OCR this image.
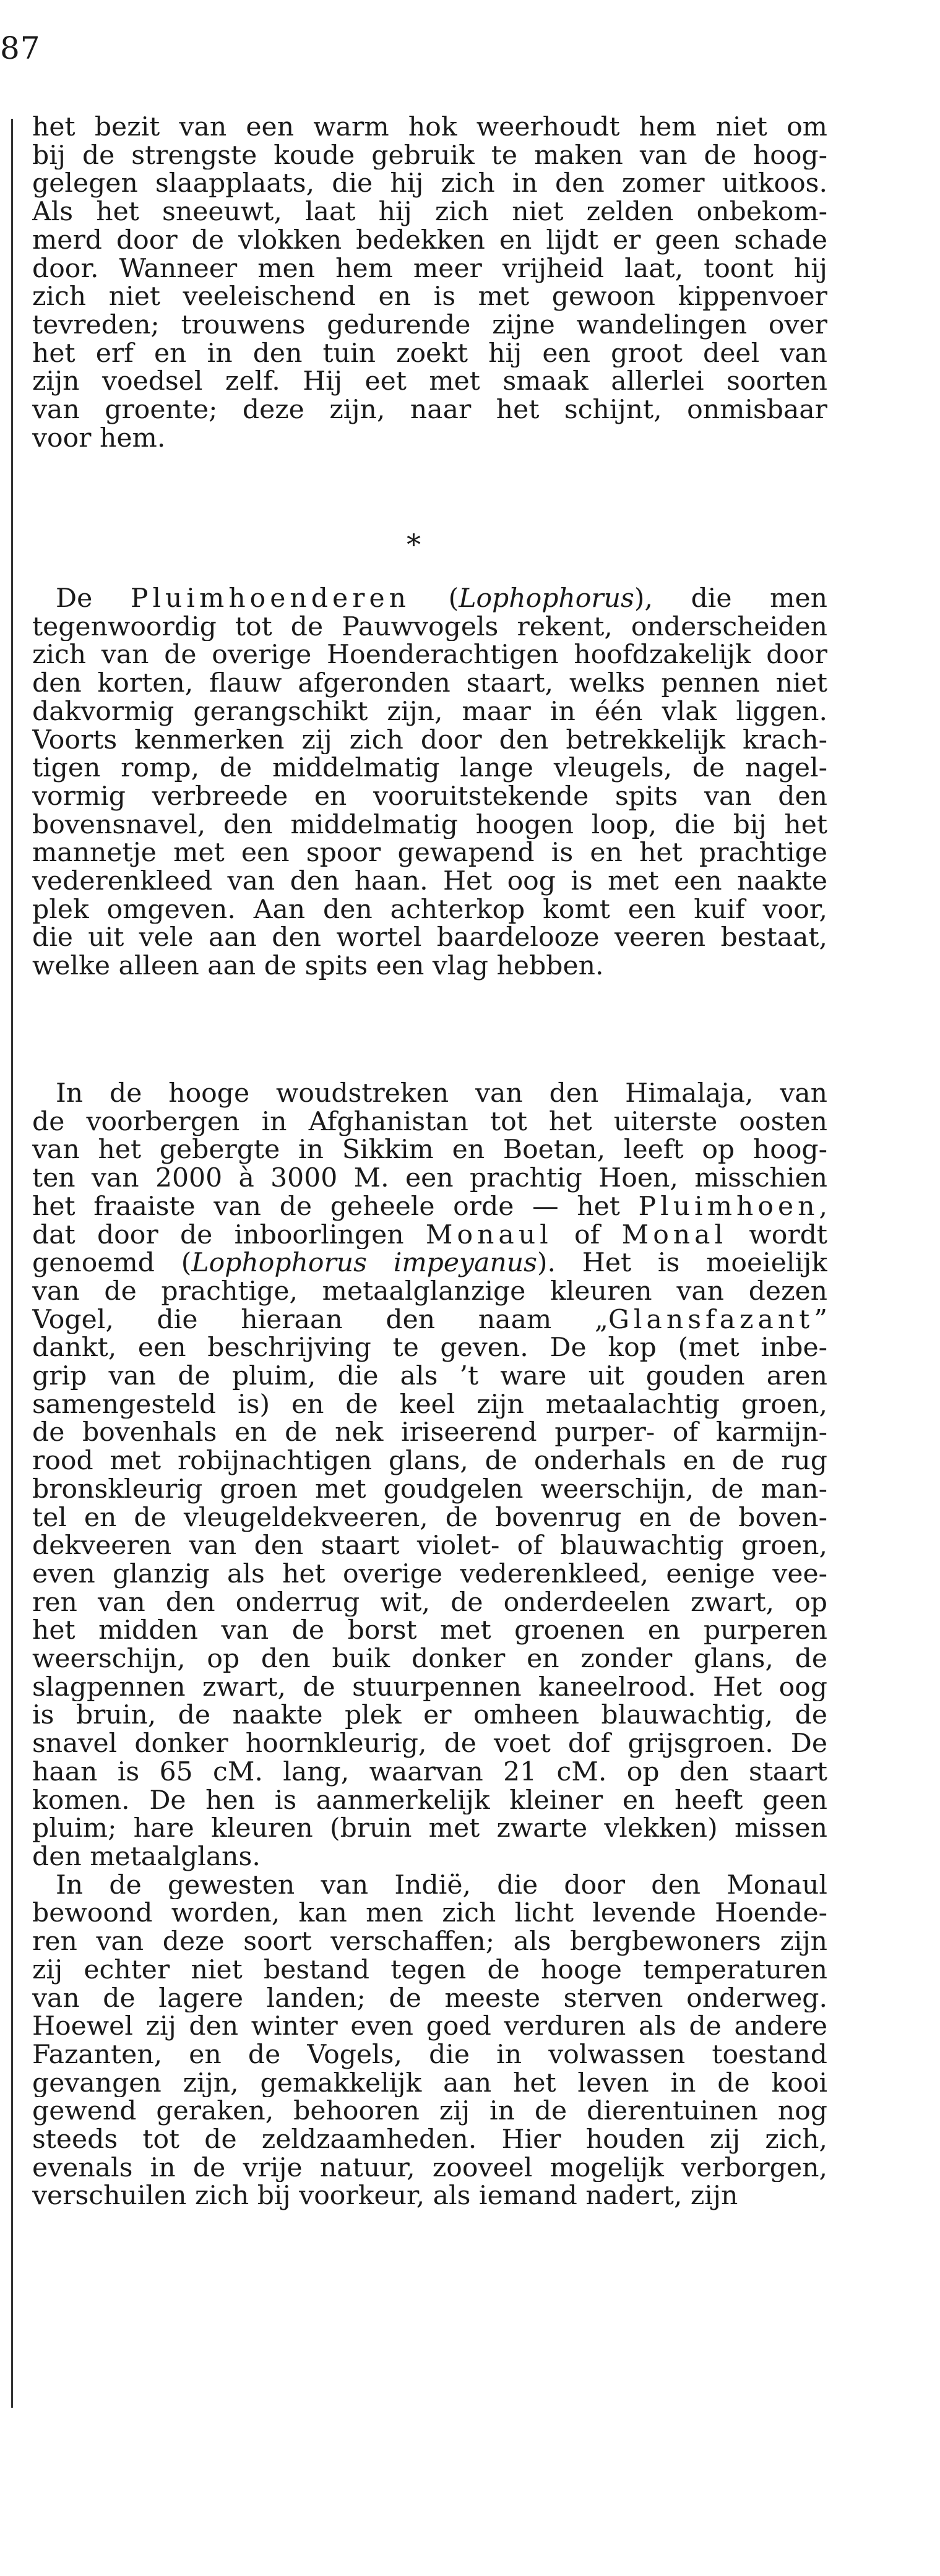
87
het bezit van een warm hok weerhoudt hem niet om
bij de strengste koude gebruik te maken van de hoog-
gelegen slaapplaats, die hij zich in den zomer uitkoos.
Als het sneeuwt, laat hij zich niet zelden onbekom-
merd door de vlokken bedekken en lijdt er geen schade
door. Wanneer men hem meer vrijheid laat, toont hij
zich niet veeleischend en is met gewoon kippenvoer
tevreden; trouwens gedurende zijne wandelingen over
het erf en in den tuin zoekt hij een groot deel van
zijn voedsel zelf. Hij eet met smaak allerlei soorten
van groente; deze zijn, naar het schijnt, onmisbaar
voor hem.
*
De Pluimhoenderen (Lophophorus), die men
tegenwoordig tot de Pauwvogels rekent, onderscheiden
zich van de overige Hoenderachtigen hoofdzakelijk door
den korten, flauw afgeronden staart, welks pennen niet
dakvormig gerangschikt zijn, maar in één vlak liggen.
Voorts kenmerken zij zich door den betrekkelijk krach-
tigen romp, de middelmatig lange vleugels, de nagel-
vormig verbreede en vooruitstekende spits van den
bovensnavel, den middelmatig hoogen loop, die bij het
mannetje met een spoor gewapend is en het prachtige
vederenkleed van den haan. Het oog is met een naakte
plek omgeven. Aan den achterkop komt een kuif voor,
die uit vele aan den wortel baardelooze veeren bestaat,
welke alleen aan de spits een vlag hebben.
In de hooge woudstreken van den Himalaja, van
de voorbergen in Afghanistan tot het uiterste oosten
van het gebergte in Sikkim en Boetan, leeft op hoog-
ten van 2000 à 3000 M. een prachtig Hoen, misschien
het fraaiste van de geheele orde — het Pluimhoen,
dat door de inboorlingen Monaul of Monal wordt
genoemd (Lophophorus impeyanus). Het is moeielijk
van de prachtige, metaalglanzige kleuren van dezen
Vogel, die hieraan den naam „Glansfazant”
dankt, een beschrijving te geven. De kop (met inbe-
grip van de pluim, die als ’t ware uit gouden aren
samengesteld is) en de keel zijn metaalachtig groen,
de bovenhals en de nek iriseerend purper- of karmijn-
rood met robijnachtigen glans, de onderhals en de rug
bronskleurig groen met goudgelen weerschijn, de man-
tel en de vleugeldekveeren, de bovenrug en de boven-
dekveeren van den staart violet- of blauwachtig groen,
even glanzig als het overige vederenkleed, eenige vee-
ren van den onderrug wit, de onderdeelen zwart, op
het midden van de borst met groenen en purperen
weerschijn, op den buik donker en zonder glans, de
slagpennen zwart, de stuurpennen kaneelrood. Het oog
is bruin, de naakte plek er omheen blauwachtig, de
snavel donker hoornkleurig, de voet dof grijsgroen. De
haan is 65 cM. lang, waarvan 21 cM. op den staart
komen. De hen is aanmerkelijk kleiner en heeft geen
pluim; hare kleuren (bruin met zwarte vlekken) missen
den metaalglans.
In de gewesten van Indië, die door den Monaul
bewoond worden, kan men zich licht levende Hoende-
ren van deze soort verschaffen; als bergbewoners zijn
zij echter niet bestand tegen de hooge temperaturen
van de lagere landen; de meeste sterven onderweg.
Hoewel zij den winter even goed verduren als de andere
Fazanten, en de Vogels, die in volwassen toestand
gevangen zijn, gemakkelijk aan het leven in de kooi
gewend geraken, behooren zij in de dierentuinen nog
steeds tot de zeldzaamheden. Hier houden zij zich,
evenals in de vrije natuur, zooveel mogelijk verborgen,
verschuilen zich bij voorkeur, als iemand nadert, zijn
